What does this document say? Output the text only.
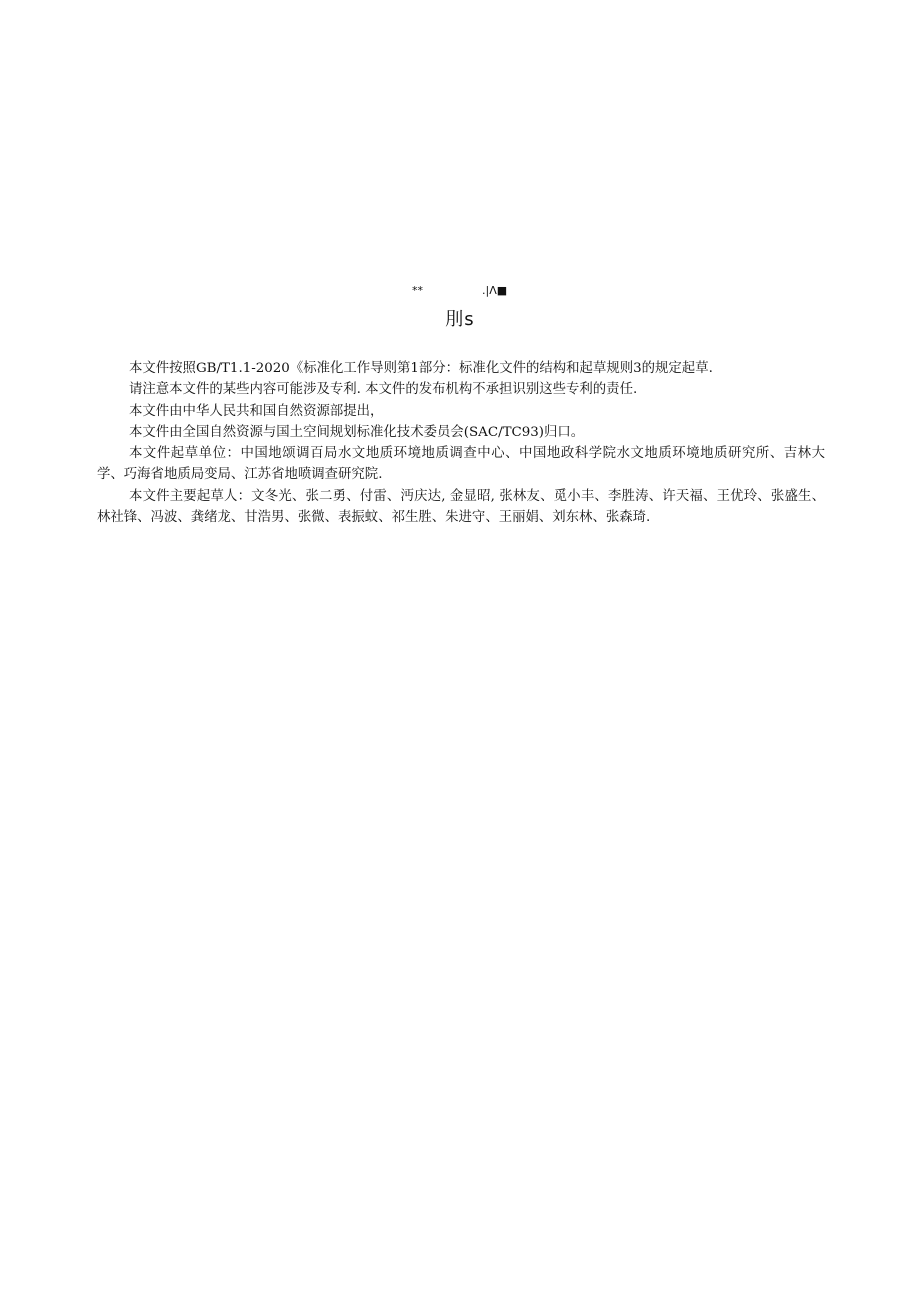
**	.|Λ■
刖s

本文件按照GB/T1.1-2020《标准化工作导则第1部分：标准化文件的结构和起草规则3的规定起草.

请注意本文件的某些内容可能涉及专利. 本文件的发布机构不承担识别这些专利的责任.

本文件由中华人民共和国自然资源部提出，

本文件由全国自然资源与国土空间规划标准化技术委员会(SAC/TC93)归口。

本文件起草单位：中国地颂调百局水文地质环境地质调查中心、中国地政科学院水文地质环境地质研究所、吉林大学、巧海省地质局变局、江苏省地喷调查研究院.

本文件主要起草人：文冬光、张二勇、付雷、沔庆达, 金显昭, 张林友、觅小丰、李胜涛、许天福、王优玲、张盛生、林社锋、冯波、龚绪龙、甘浩男、张微、表振蚊、祁生胜、朱进守、王丽娟、刘东林、张森琦.
